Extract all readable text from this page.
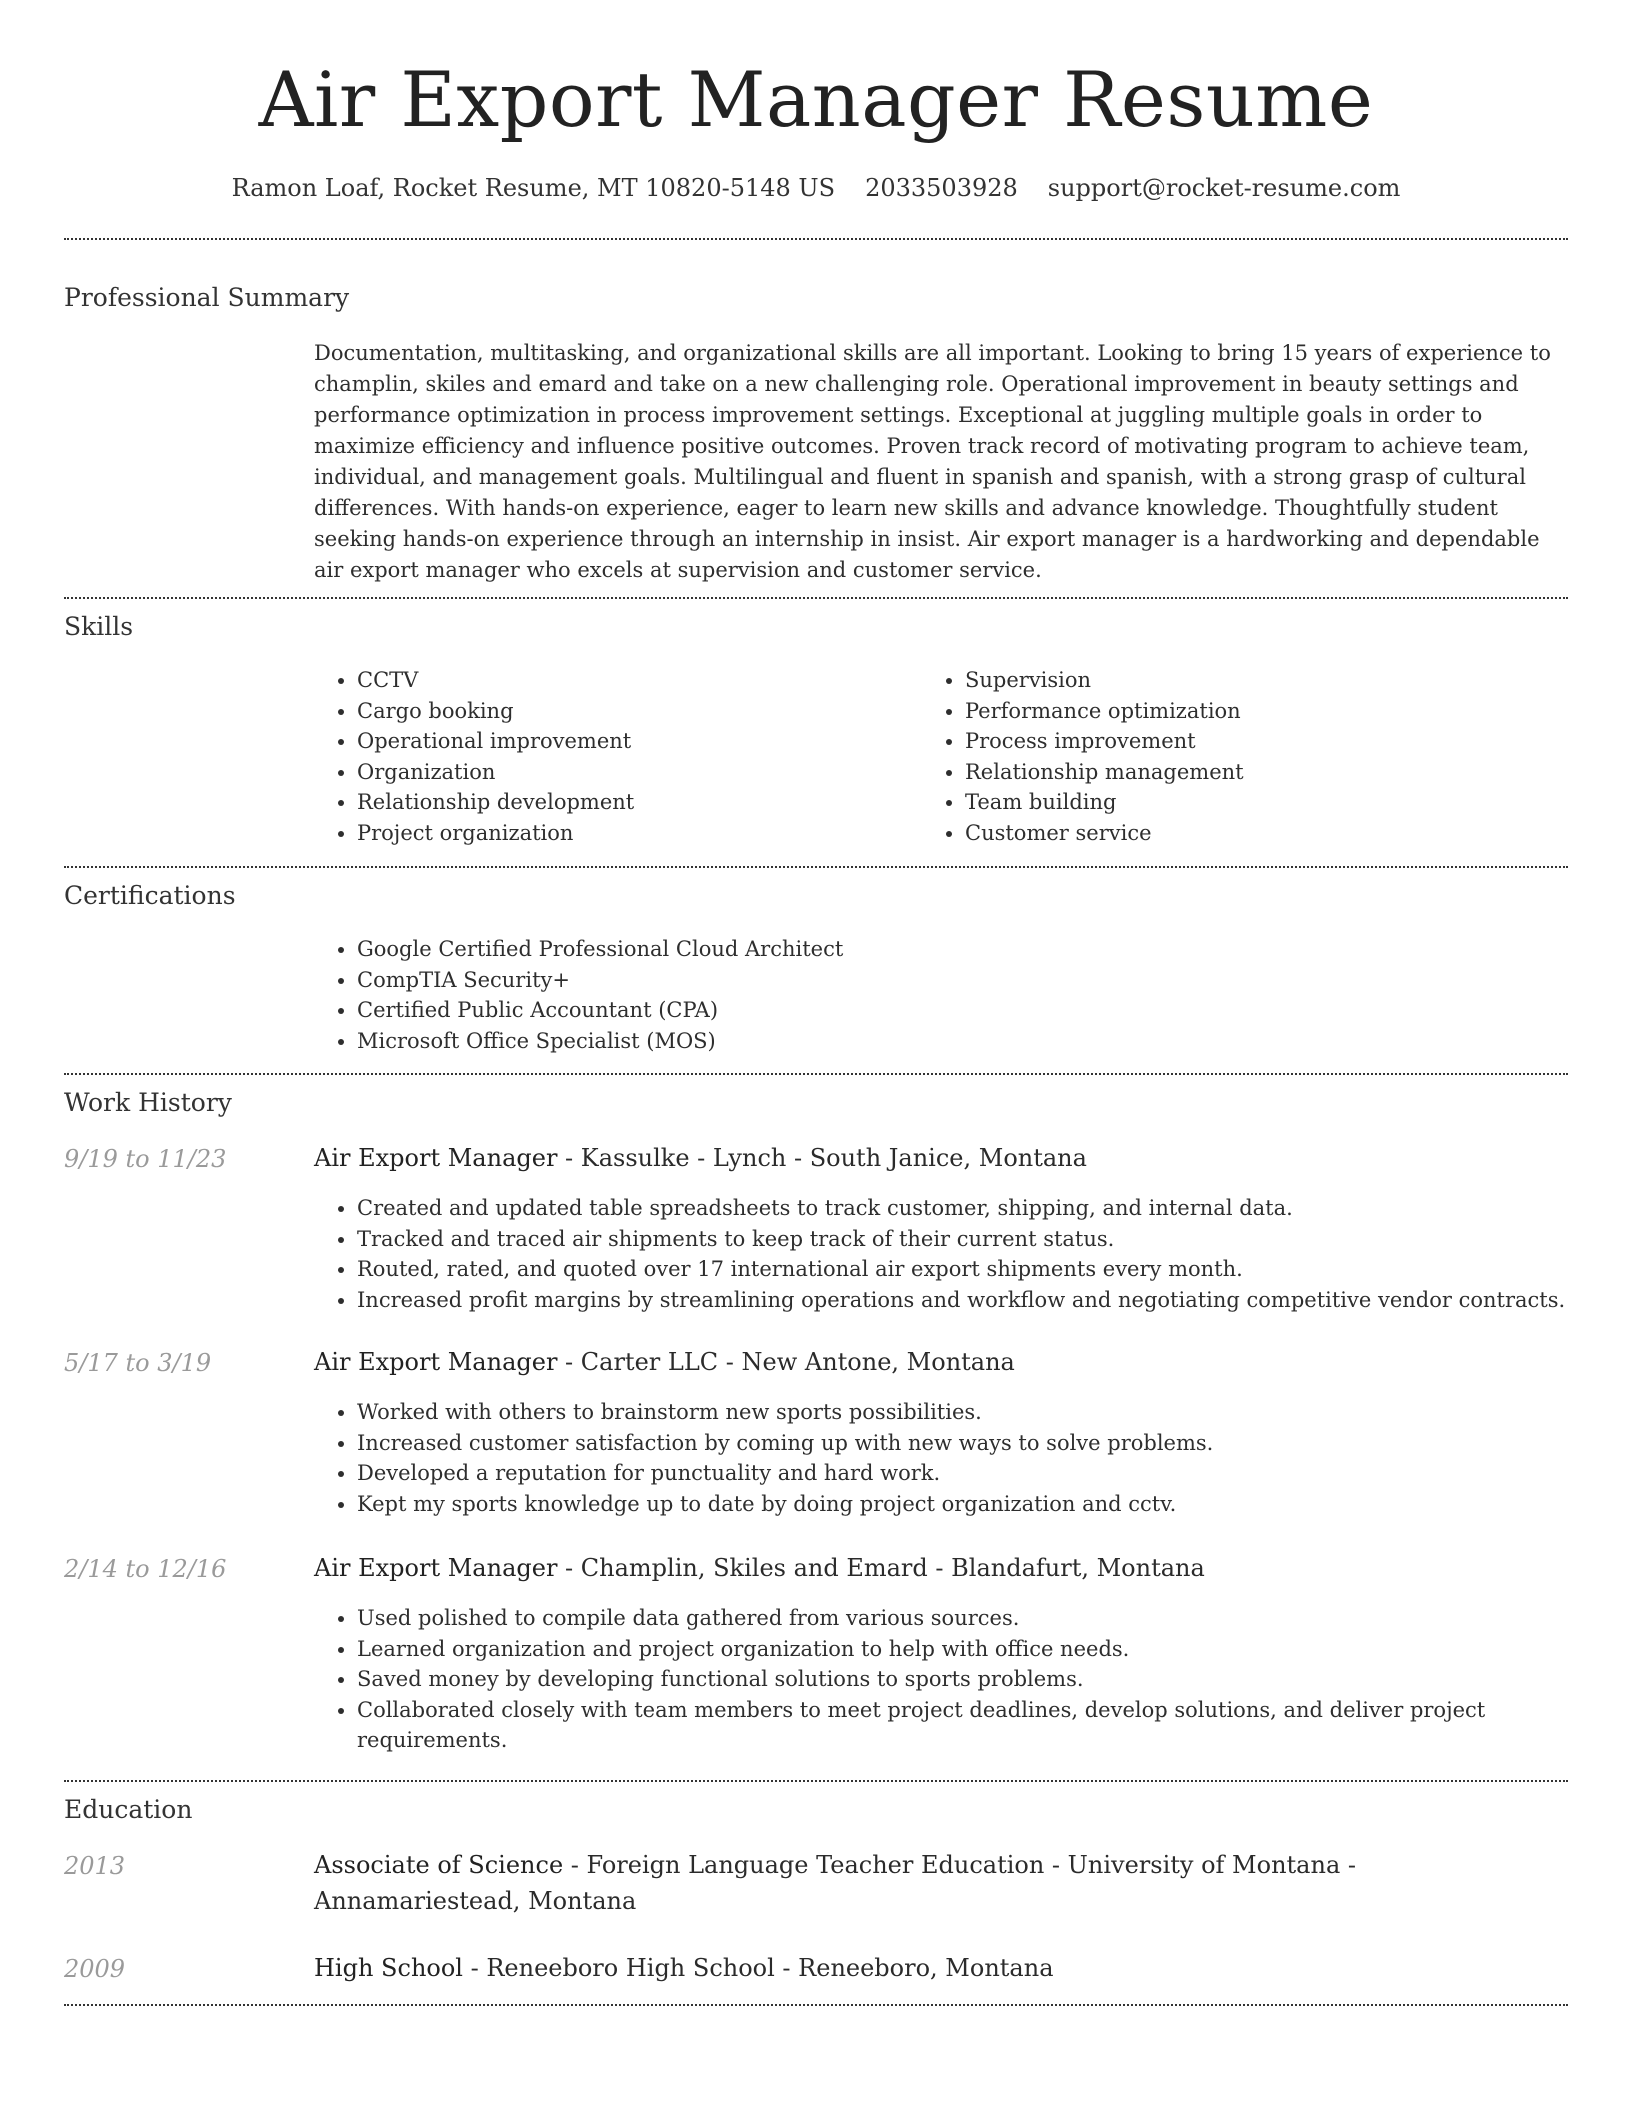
Air Export Manager Resume
Ramon Loaf, Rocket Resume, MT 10820-5148 US 2033503928 support@rocket-resume.com
Professional Summary
Documentation, multitasking, and organizational skills are all important. Looking to bring 15 years of experience to champlin, skiles and emard and take on a new challenging role. Operational improvement in beauty settings and performance optimization in process improvement settings. Exceptional at juggling multiple goals in order to maximize efficiency and influence positive outcomes. Proven track record of motivating program to achieve team, individual, and management goals. Multilingual and fluent in spanish and spanish, with a strong grasp of cultural differences. With hands-on experience, eager to learn new skills and advance knowledge. Thoughtfully student seeking hands-on experience through an internship in insist. Air export manager is a hardworking and dependable air export manager who excels at supervision and customer service.
Skills
• CCTV
• Cargo booking
• Operational improvement
• Organization
• Relationship development
• Project organization
• Supervision
• Performance optimization
• Process improvement
• Relationship management
• Team building
• Customer service
Certifications
• Google Certified Professional Cloud Architect
• CompTIA Security+
• Certified Public Accountant (CPA)
• Microsoft Office Specialist (MOS)
Work History
9/19 to 11/23	Air Export Manager - Kassulke - Lynch - South Janice, Montana
• Created and updated table spreadsheets to track customer, shipping, and internal data.
• Tracked and traced air shipments to keep track of their current status.
• Routed, rated, and quoted over 17 international air export shipments every month.
• Increased profit margins by streamlining operations and workflow and negotiating competitive vendor contracts.
5/17 to 3/19	Air Export Manager - Carter LLC - New Antone, Montana
• Worked with others to brainstorm new sports possibilities.
• Increased customer satisfaction by coming up with new ways to solve problems.
• Developed a reputation for punctuality and hard work.
• Kept my sports knowledge up to date by doing project organization and cctv.
2/14 to 12/16	Air Export Manager - Champlin, Skiles and Emard - Blandafurt, Montana
• Used polished to compile data gathered from various sources.
• Learned organization and project organization to help with office needs.
• Saved money by developing functional solutions to sports problems.
• Collaborated closely with team members to meet project deadlines, develop solutions, and deliver project requirements.
Education
2013	Associate of Science - Foreign Language Teacher Education - University of Montana - Annamariestead, Montana
2009	High School - Reneeboro High School - Reneeboro, Montana
